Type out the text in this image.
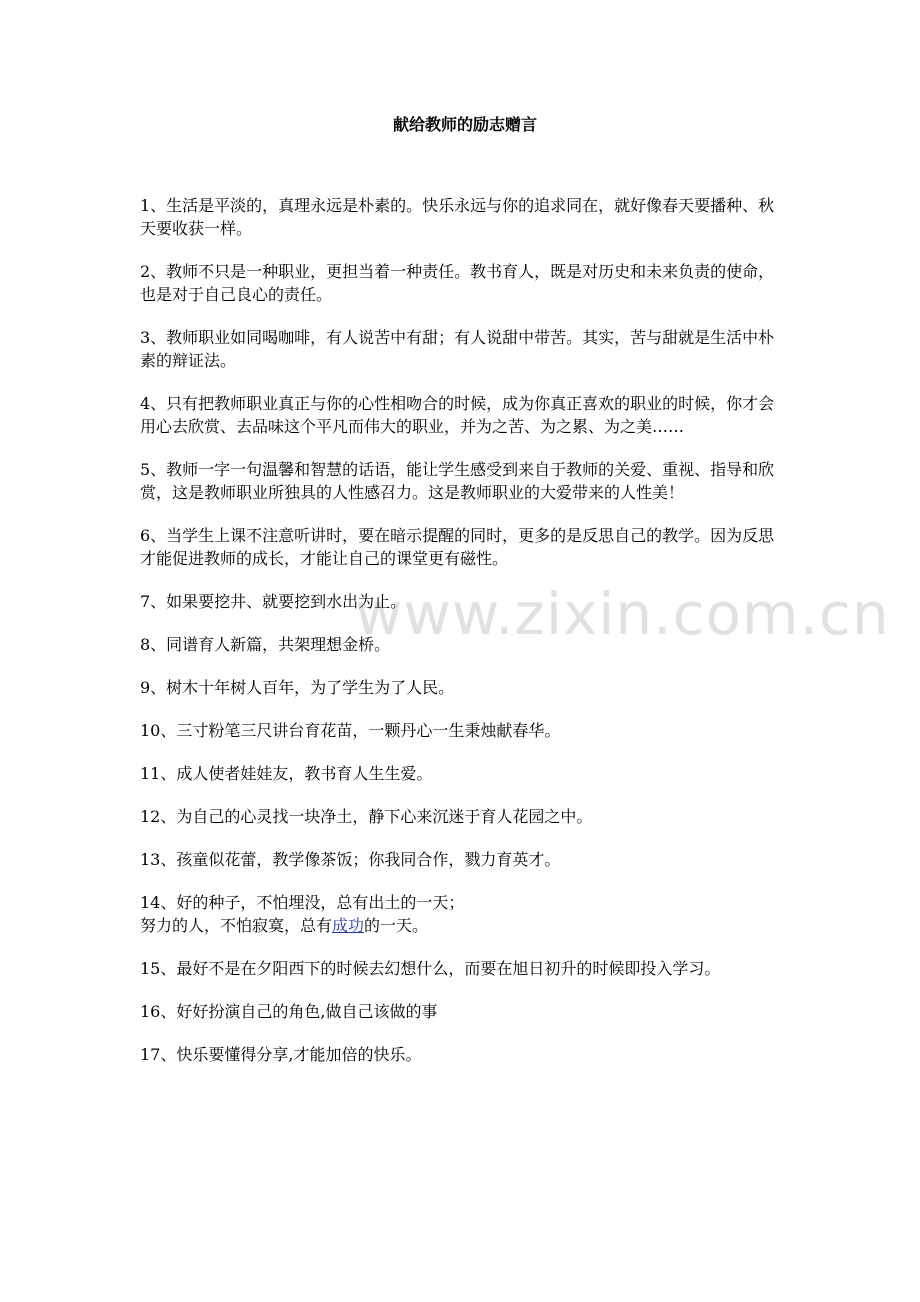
www.zixin.com.cn
献给教师的励志赠言

1、生活是平淡的，真理永远是朴素的。快乐永远与你的追求同在，就好像春天要播种、秋天要收获一样。

2、教师不只是一种职业，更担当着一种责任。教书育人，既是对历史和未来负责的使命，也是对于自己良心的责任。

3、教师职业如同喝咖啡，有人说苦中有甜；有人说甜中带苦。其实，苦与甜就是生活中朴素的辩证法。

4、只有把教师职业真正与你的心性相吻合的时候，成为你真正喜欢的职业的时候，你才会用心去欣赏、去品味这个平凡而伟大的职业，并为之苦、为之累、为之美……

5、教师一字一句温馨和智慧的话语，能让学生感受到来自于教师的关爱、重视、指导和欣赏，这是教师职业所独具的人性感召力。这是教师职业的大爱带来的人性美！

6、当学生上课不注意听讲时，要在暗示提醒的同时，更多的是反思自己的教学。因为反思才能促进教师的成长，才能让自己的课堂更有磁性。

7、如果要挖井、就要挖到水出为止。

8、同谱育人新篇，共架理想金桥。

9、树木十年树人百年，为了学生为了人民。

10、三寸粉笔三尺讲台育花苗，一颗丹心一生秉烛献春华。

11、成人使者娃娃友，教书育人生生爱。

12、为自己的心灵找一块净土，静下心来沉迷于育人花园之中。

13、孩童似花蕾，教学像茶饭；你我同合作，戮力育英才。

14、好的种子，不怕埋没，总有出土的一天；
努力的人，不怕寂寞，总有成功的一天。

15、最好不是在夕阳西下的时候去幻想什么，而要在旭日初升的时候即投入学习。

16、好好扮演自己的角色,做自己该做的事

17、快乐要懂得分享,才能加倍的快乐。
